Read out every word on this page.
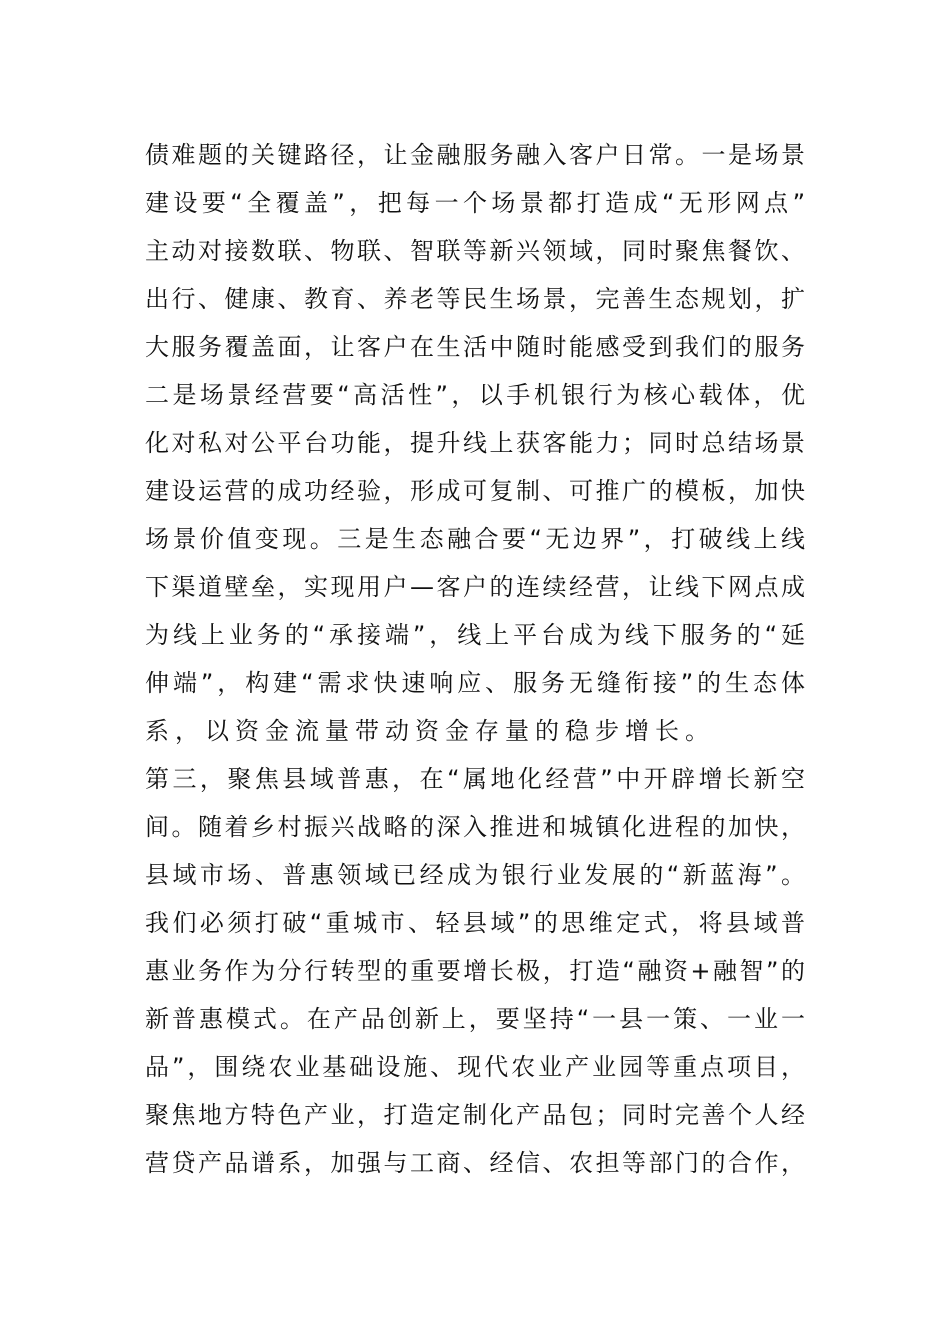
债难题的关键路径，让金融服务融入客户日常。一是场景
建设要“全覆盖”，把每一个场景都打造成“无形网点”
主动对接数联、物联、智联等新兴领域，同时聚焦餐饮、
出行、健康、教育、养老等民生场景，完善生态规划，扩
大服务覆盖面，让客户在生活中随时能感受到我们的服务
二是场景经营要“高活性”，以手机银行为核心载体，优
化对私对公平台功能，提升线上获客能力；同时总结场景
建设运营的成功经验，形成可复制、可推广的模板，加快
场景价值变现。三是生态融合要“无边界”，打破线上线
下渠道壁垒，实现用户—客户的连续经营，让线下网点成
为线上业务的“承接端”，线上平台成为线下服务的“延
伸端”，构建“需求快速响应、服务无缝衔接”的生态体
系，以资金流量带动资金存量的稳步增长。
第三，聚焦县域普惠，在“属地化经营”中开辟增长新空
间。随着乡村振兴战略的深入推进和城镇化进程的加快，
县域市场、普惠领域已经成为银行业发展的“新蓝海”。
我们必须打破“重城市、轻县域”的思维定式，将县域普
惠业务作为分行转型的重要增长极，打造“融资+融智”的
新普惠模式。在产品创新上，要坚持“一县一策、一业一
品”，围绕农业基础设施、现代农业产业园等重点项目，
聚焦地方特色产业，打造定制化产品包；同时完善个人经
营贷产品谱系，加强与工商、经信、农担等部门的合作，
